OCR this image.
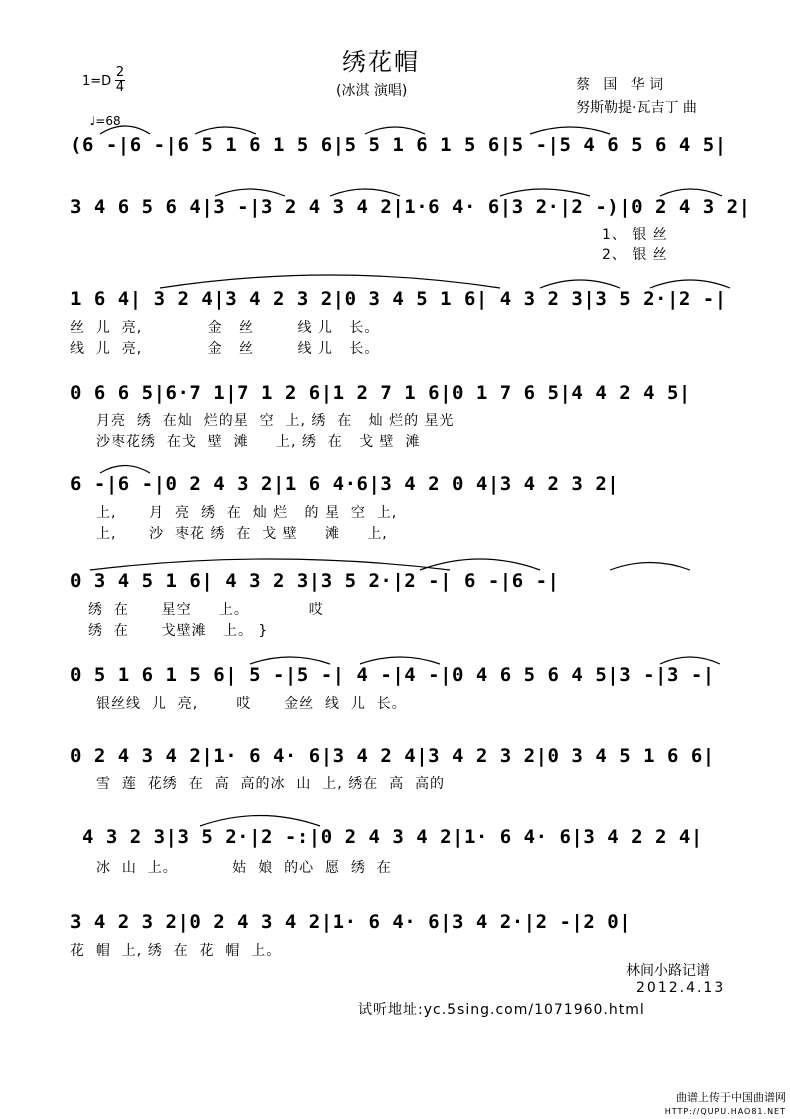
绣花帽
(冰淇 演唱)
1=D
2
4

♩=68

蔡   国   华 词
努斯勒提·瓦吉丁 曲
(6 -|6 -|6 5 1 6 1 5 6|5 5 1 6 1 5 6|5 -|5 4 6 5 6 4 5|
3 4 6 5 6 4|3 -|3 2 4 3 4 2|1·6 4· 6|3 2·|2 -)|0 2 4 3 2|
1、 银 丝
2、 银 丝
1 6 4| 3 2 4|3 4 2 3 2|0 3 4 5 1 6| 4 3 2 3|3 5 2·|2 -|
丝  儿  亮,            金   丝        线 儿   长。
线  儿  亮,            金   丝        线 儿   长。
0 6 6 5|6·7 1|7 1 2 6|1 2 7 1 6|0 1 7 6 5|4 4 2 4 5|
月亮  绣  在灿  烂的星  空  上, 绣  在   灿 烂的 星光
沙枣花绣  在戈  壁  滩     上, 绣  在   戈 壁  滩
6 -|6 -|0 2 4 3 2|1 6 4·6|3 4 2 0 4|3 4 2 3 2|
上,      月  亮  绣  在  灿 烂   的 星  空  上,
上,      沙  枣花 绣  在  戈 壁     滩     上,
0 3 4 5 1 6| 4 3 2 3|3 5 2·|2 -| 6 -|6 -|
绣  在      星空     上。           哎
绣  在      戈壁滩   上。 }
0 5 1 6 1 5 6| 5 -|5 -| 4 -|4 -|0 4 6 5 6 4 5|3 -|3 -|
银丝线  儿  亮,       哎      金丝  线  儿  长。
0 2 4 3 4 2|1· 6 4· 6|3 4 2 4|3 4 2 3 2|0 3 4 5 1 6 6|
雪  莲  花绣  在  高  高的冰  山  上, 绣在  高  高的
4 3 2 3|3 5 2·|2 -:|0 2 4 3 4 2|1· 6 4· 6|3 4 2 2 4|
冰  山  上。          姑  娘  的心  愿  绣  在
3 4 2 3 2|0 2 4 3 4 2|1· 6 4· 6|3 4 2·|2 -|2 0|
花  帽  上, 绣  在  花  帽  上。
林间小路记谱
2012.4.13
试听地址:yc.5sing.com/1071960.html
曲谱上传于中国曲谱网
HTTP://QUPU.HAO81.NET
